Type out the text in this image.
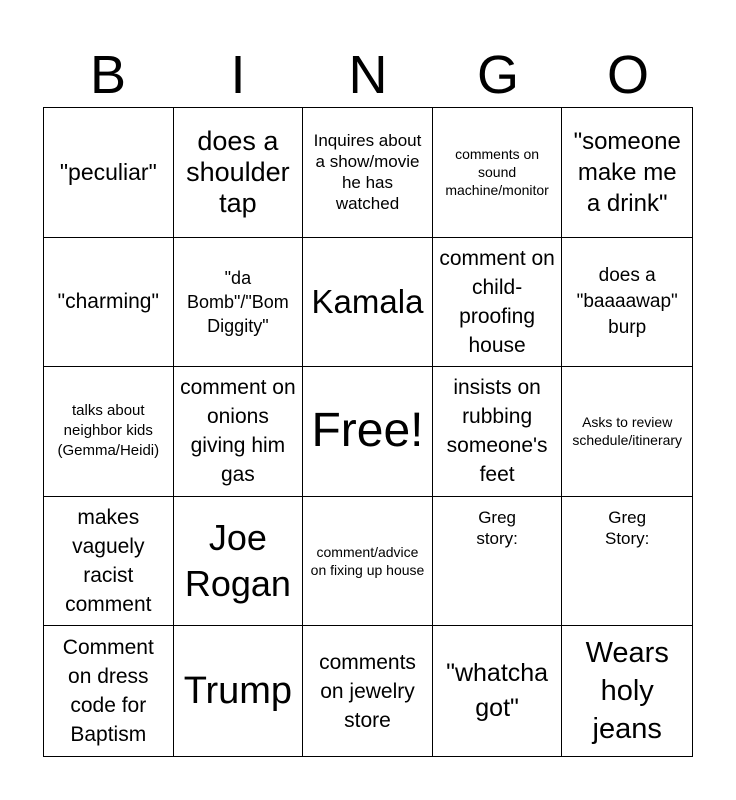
B	I	N	G	O
"peculiar"
does a shoulder tap
Inquires about a show/movie he has watched
comments on sound machine/monitor
"someone make me a drink"
"charming"
"da Bomb"/"Bom Diggity"
Kamala
comment on child-proofing house
does a "baaaawap" burp
talks about neighbor kids (Gemma/Heidi)
comment on onions giving him gas
Free!
insists on rubbing someone's feet
Asks to review schedule/itinerary
makes vaguely racist comment
Joe Rogan
comment/advice on fixing up house
Greg story:
Greg Story:
Comment on dress code for Baptism
Trump
comments on jewelry store
"whatcha got"
Wears holy jeans
